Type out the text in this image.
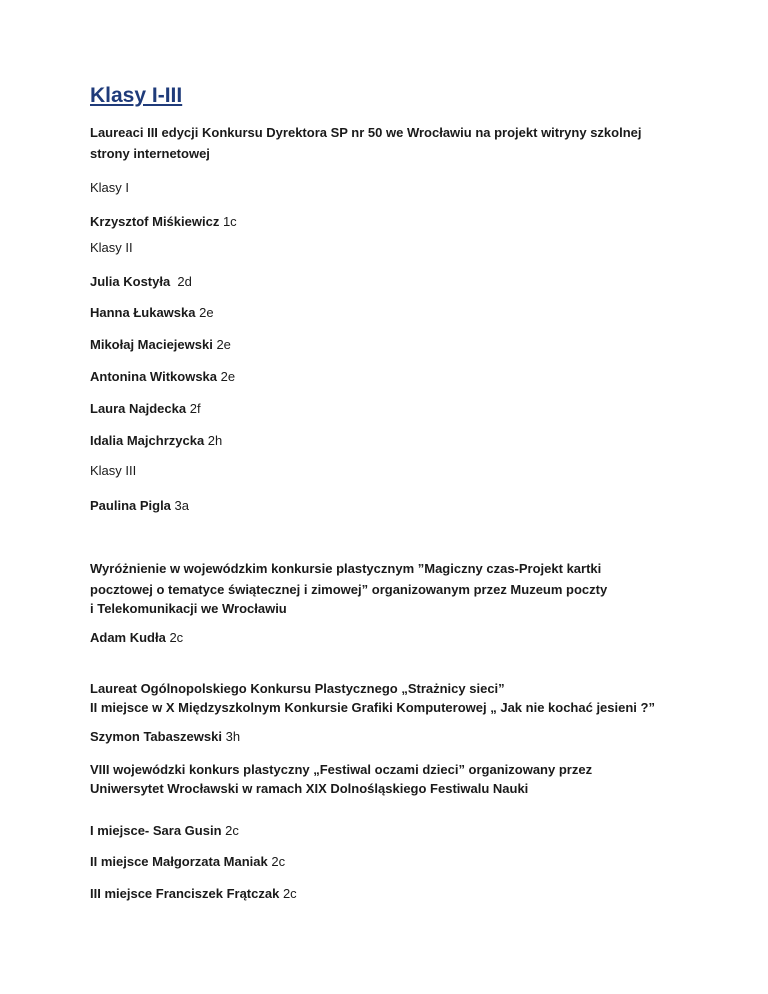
Klasy I-III

Laureaci III edycji Konkursu Dyrektora SP nr 50 we Wrocławiu na projekt witryny szkolnej

strony internetowej

Klasy I

Krzysztof Miśkiewicz 1c

Klasy II

Julia Kostyła  2d

Hanna Łukawska 2e

Mikołaj Maciejewski 2e

Antonina Witkowska 2e

Laura Najdecka 2f

Idalia Majchrzycka 2h

Klasy III

Paulina Pigla 3a

Wyróżnienie w wojewódzkim konkursie plastycznym ”Magiczny czas-Projekt kartki

pocztowej o tematyce świątecznej i zimowej” organizowanym przez Muzeum poczty

i Telekomunikacji we Wrocławiu

Adam Kudła 2c

Laureat Ogólnopolskiego Konkursu Plastycznego „Strażnicy sieci”

II miejsce w X Międzyszkolnym Konkursie Grafiki Komputerowej „ Jak nie kochać jesieni ?”

Szymon Tabaszewski 3h

VIII wojewódzki konkurs plastyczny „Festiwal oczami dzieci” organizowany przez

Uniwersytet Wrocławski w ramach XIX Dolnośląskiego Festiwalu Nauki

I miejsce- Sara Gusin 2c

II miejsce Małgorzata Maniak 2c

III miejsce Franciszek Frątczak 2c
